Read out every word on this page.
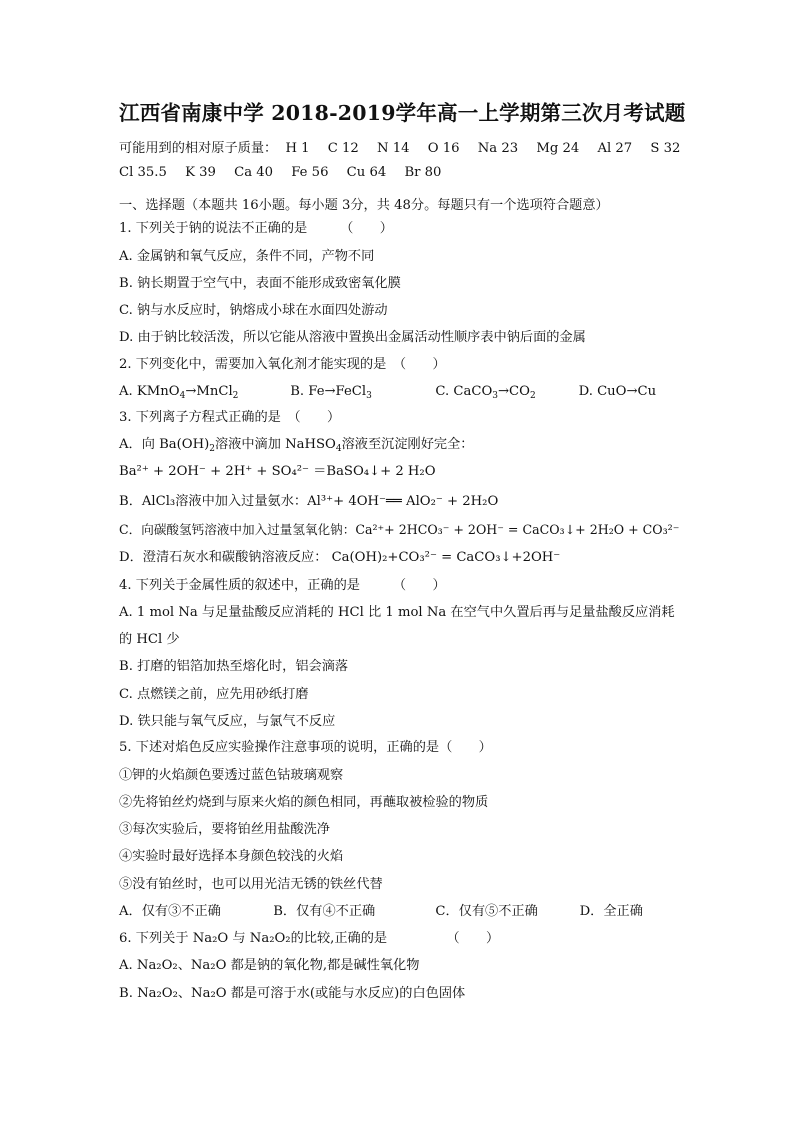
江西省南康中学 2018-2019学年高一上学期第三次月考试题
可能用到的相对原子质量： H 1 C 12 N 14 O 16 Na 23 Mg 24 Al 27 S 32
Cl 35.5 K 39 Ca 40 Fe 56 Cu 64 Br 80
一、选择题（本题共 16小题。每小题 3分，共 48分。每题只有一个选项符合题意）
1. 下列关于钠的说法不正确的是　　　（　　）
A. 金属钠和氧气反应，条件不同，产物不同
B. 钠长期置于空气中，表面不能形成致密氧化膜
C. 钠与水反应时，钠熔成小球在水面四处游动
D. 由于钠比较活泼，所以它能从溶液中置换出金属活动性顺序表中钠后面的金属
2. 下列变化中，需要加入氧化剂才能实现的是　（　　）
A. KMnO$_4$→MnCl$_2$	B. Fe→FeCl$_3$	C. $CaCO_3\to CO_2$	D. CuO→Cu
3. 下列离子方程式正确的是　（　　）
A．向 $Ba(OH)_2$溶液中滴加 NaHSO$_4$溶液至沉淀刚好完全：
Ba²⁺ + 2OH⁻ + 2H⁺ + SO₄²⁻ ＝BaSO₄↓+ 2 H₂O
B．AlCl₃溶液中加入过量氨水：Al³⁺+ 4OH⁻══ AlO₂⁻ + 2H₂O
C．向碳酸氢钙溶液中加入过量氢氧化钠：Ca²⁺+ 2HCO₃⁻ + 2OH⁻ = CaCO₃↓+ 2H₂O + CO₃²⁻
D．澄清石灰水和碳酸钠溶液反应： Ca(OH)₂+CO₃²⁻ = CaCO₃↓+2OH⁻
4. 下列关于金属性质的叙述中，正确的是　　　（　　）
A. 1 mol Na 与足量盐酸反应消耗的 HCl 比 1 mol Na 在空气中久置后再与足量盐酸反应消耗
的 HCl 少
B. 打磨的铝箔加热至熔化时，铝会滴落
C. 点燃镁之前，应先用砂纸打磨
D. 铁只能与氧气反应，与氯气不反应
5. 下述对焰色反应实验操作注意事项的说明，正确的是（　　）
①钾的火焰颜色要透过蓝色钴玻璃观察
②先将铂丝灼烧到与原来火焰的颜色相同，再蘸取被检验的物质
③每次实验后，要将铂丝用盐酸洗净
④实验时最好选择本身颜色较浅的火焰
⑤没有铂丝时，也可以用光洁无锈的铁丝代替
A．仅有③不正确	B．仅有④不正确	C．仅有⑤不正确	D．全正确
6. 下列关于 Na₂O 与 Na₂O₂的比较,正确的是　　　　　（　　）
A. Na₂O₂、Na₂O 都是钠的氧化物,都是碱性氧化物
B. Na₂O₂、Na₂O 都是可溶于水(或能与水反应)的白色固体
